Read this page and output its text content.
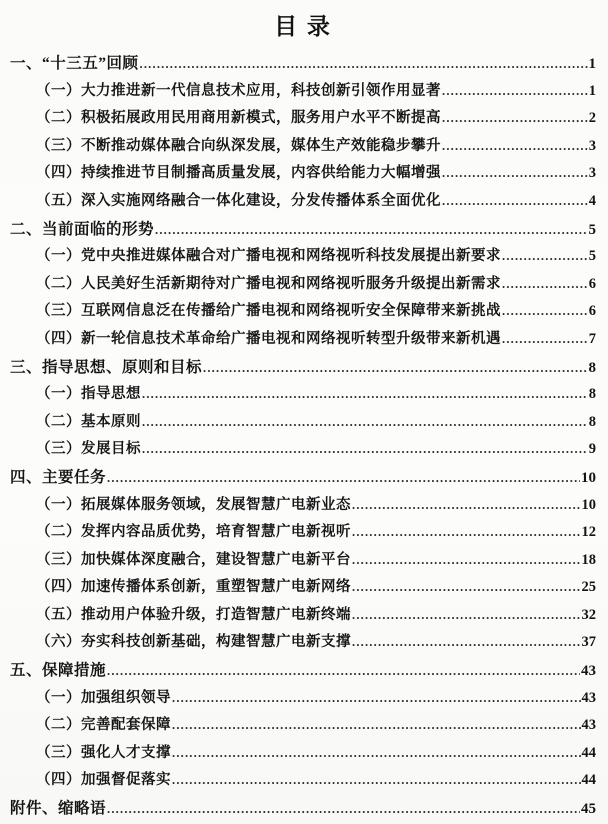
目 录
一、“十三五”回顾 .....	1
（一）大力推进新一代信息技术应用，科技创新引领作用显著 .....	1
（二）积极拓展政用民用商用新模式，服务用户水平不断提高 .....	2
（三）不断推动媒体融合向纵深发展，媒体生产效能稳步攀升 .....	3
（四）持续推进节目制播高质量发展，内容供给能力大幅增强 .....	3
（五）深入实施网络融合一体化建设，分发传播体系全面优化 .....	4
二、当前面临的形势 .....	5
（一）党中央推进媒体融合对广播电视和网络视听科技发展提出新要求 .....	5
（二）人民美好生活新期待对广播电视和网络视听服务升级提出新需求 .....	6
（三）互联网信息泛在传播给广播电视和网络视听安全保障带来新挑战 .....	6
（四）新一轮信息技术革命给广播电视和网络视听转型升级带来新机遇 .....	7
三、指导思想、原则和目标 .....	8
（一）指导思想 .....	8
（二）基本原则 .....	8
（三）发展目标 .....	9
四、主要任务 .....	10
（一）拓展媒体服务领域，发展智慧广电新业态 .....	10
（二）发挥内容品质优势，培育智慧广电新视听 .....	12
（三）加快媒体深度融合，建设智慧广电新平台 .....	18
（四）加速传播体系创新，重塑智慧广电新网络 .....	25
（五）推动用户体验升级，打造智慧广电新终端 .....	32
（六）夯实科技创新基础，构建智慧广电新支撑 .....	37
五、保障措施 .....	43
（一）加强组织领导 .....	43
（二）完善配套保障 .....	43
（三）强化人才支撑 .....	44
（四）加强督促落实 .....	44
附件、缩略语 .....	45
